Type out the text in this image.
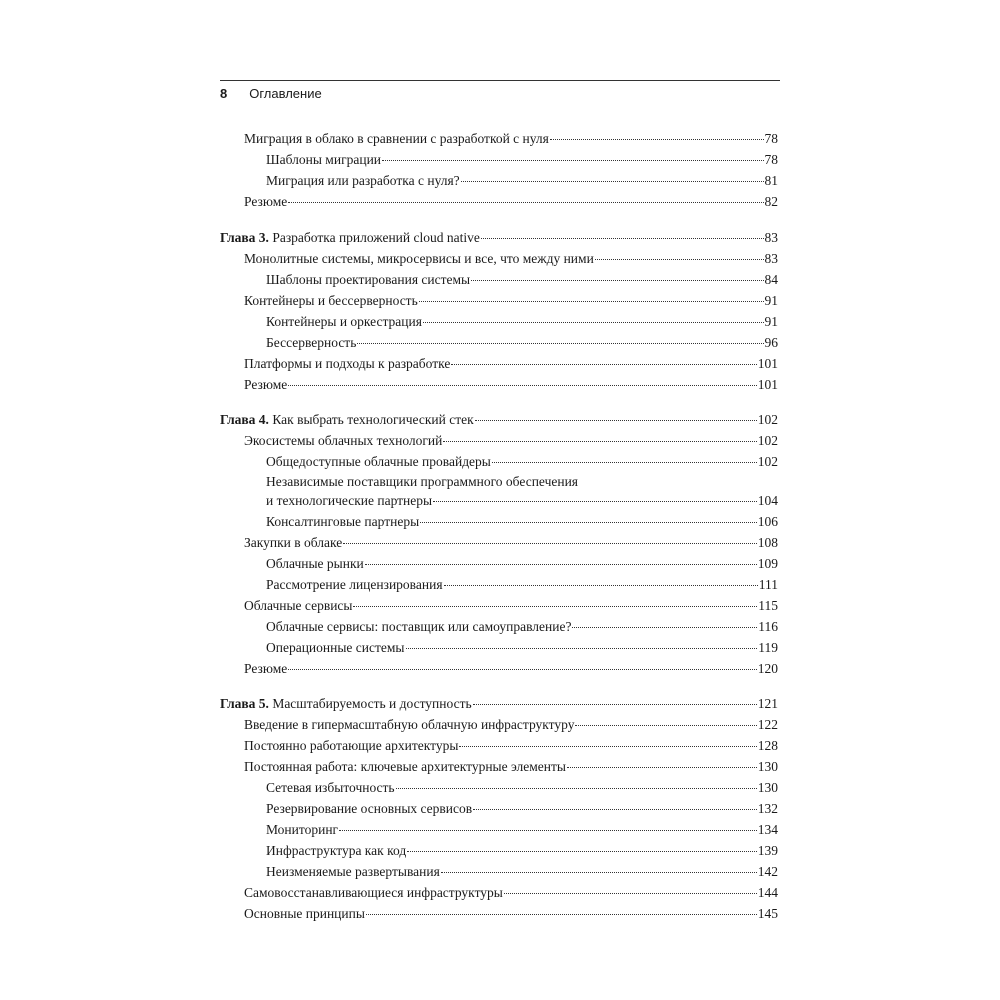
8 Оглавление
Миграция в облако в сравнении с разработкой с нуля	78
Шаблоны миграции	78
Миграция или разработка с нуля?	81
Резюме	82
Глава 3. Разработка приложений cloud native	83
Монолитные системы, микросервисы и все, что между ними	83
Шаблоны проектирования системы	84
Контейнеры и бессерверность	91
Контейнеры и оркестрация	91
Бессерверность	96
Платформы и подходы к разработке	101
Резюме	101
Глава 4. Как выбрать технологический стек	102
Экосистемы облачных технологий	102
Общедоступные облачные провайдеры	102
Независимые поставщики программного обеспечения
и технологические партнеры	104
Консалтинговые партнеры	106
Закупки в облаке	108
Облачные рынки	109
Рассмотрение лицензирования	111
Облачные сервисы	115
Облачные сервисы: поставщик или самоуправление?	116
Операционные системы	119
Резюме	120
Глава 5. Масштабируемость и доступность	121
Введение в гипермасштабную облачную инфраструктуру	122
Постоянно работающие архитектуры	128
Постоянная работа: ключевые архитектурные элементы	130
Сетевая избыточность	130
Резервирование основных сервисов	132
Мониторинг	134
Инфраструктура как код	139
Неизменяемые развертывания	142
Самовосстанавливающиеся инфраструктуры	144
Основные принципы	145
